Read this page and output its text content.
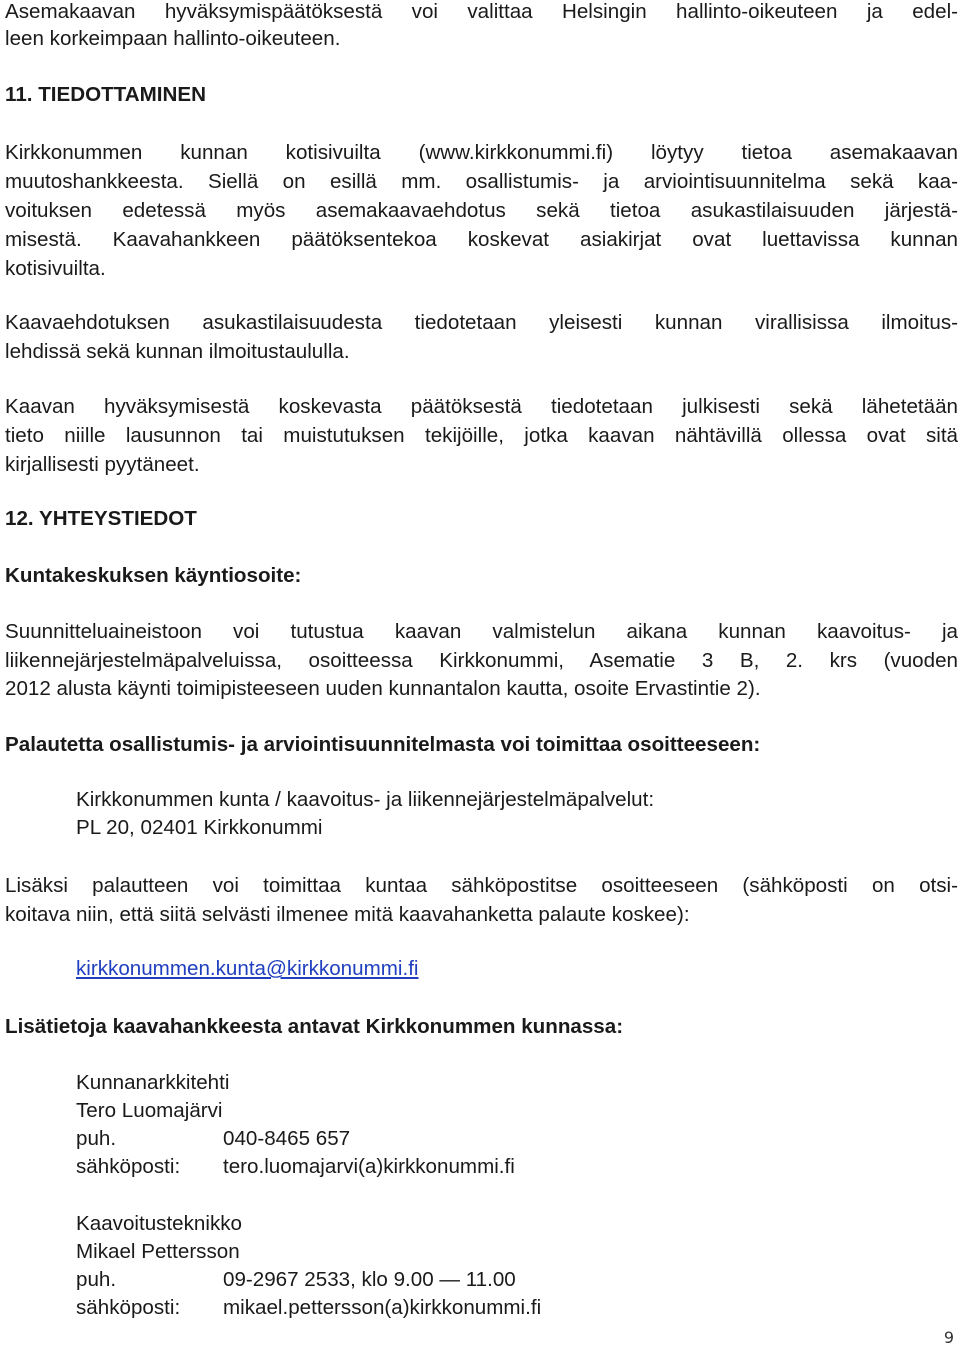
Asemakaavan hyväksymispäätöksestä voi valittaa Helsingin hallinto-oikeuteen ja edel-
leen korkeimpaan hallinto-oikeuteen.
11. TIEDOTTAMINEN
Kirkkonummen kunnan kotisivuilta (www.kirkkonummi.fi) löytyy tietoa asemakaavan
muutoshankkeesta. Siellä on esillä mm. osallistumis- ja arviointisuunnitelma sekä kaa-
voituksen edetessä myös asemakaavaehdotus sekä tietoa asukastilaisuuden järjestä-
misestä. Kaavahankkeen päätöksentekoa koskevat asiakirjat ovat luettavissa kunnan
kotisivuilta.
Kaavaehdotuksen asukastilaisuudesta tiedotetaan yleisesti kunnan virallisissa ilmoitus-
lehdissä sekä kunnan ilmoitustaululla.
Kaavan hyväksymisestä koskevasta päätöksestä tiedotetaan julkisesti sekä lähetetään
tieto niille lausunnon tai muistutuksen tekijöille, jotka kaavan nähtävillä ollessa ovat sitä
kirjallisesti pyytäneet.
12. YHTEYSTIEDOT
Kuntakeskuksen käyntiosoite:
Suunnitteluaineistoon voi tutustua kaavan valmistelun aikana kunnan kaavoitus- ja
liikennejärjestelmäpalveluissa, osoitteessa Kirkkonummi, Asematie 3 B, 2. krs (vuoden
2012 alusta käynti toimipisteeseen uuden kunnantalon kautta, osoite Ervastintie 2).
Palautetta osallistumis- ja arviointisuunnitelmasta voi toimittaa osoitteeseen:
Kirkkonummen kunta / kaavoitus- ja liikennejärjestelmäpalvelut:
PL 20, 02401 Kirkkonummi
Lisäksi palautteen voi toimittaa kuntaa sähköpostitse osoitteeseen (sähköposti on otsi-
koitava niin, että siitä selvästi ilmenee mitä kaavahanketta palaute koskee):
kirkkonummen.kunta@kirkkonummi.fi
Lisätietoja kaavahankkeesta antavat Kirkkonummen kunnassa:
Kunnanarkkitehti
Tero Luomajärvi
puh.	040-8465 657
sähköposti:	tero.luomajarvi(a)kirkkonummi.fi
Kaavoitusteknikko
Mikael Pettersson
puh.	09-2967 2533, klo 9.00 — 11.00
sähköposti:	mikael.pettersson(a)kirkkonummi.fi
9
